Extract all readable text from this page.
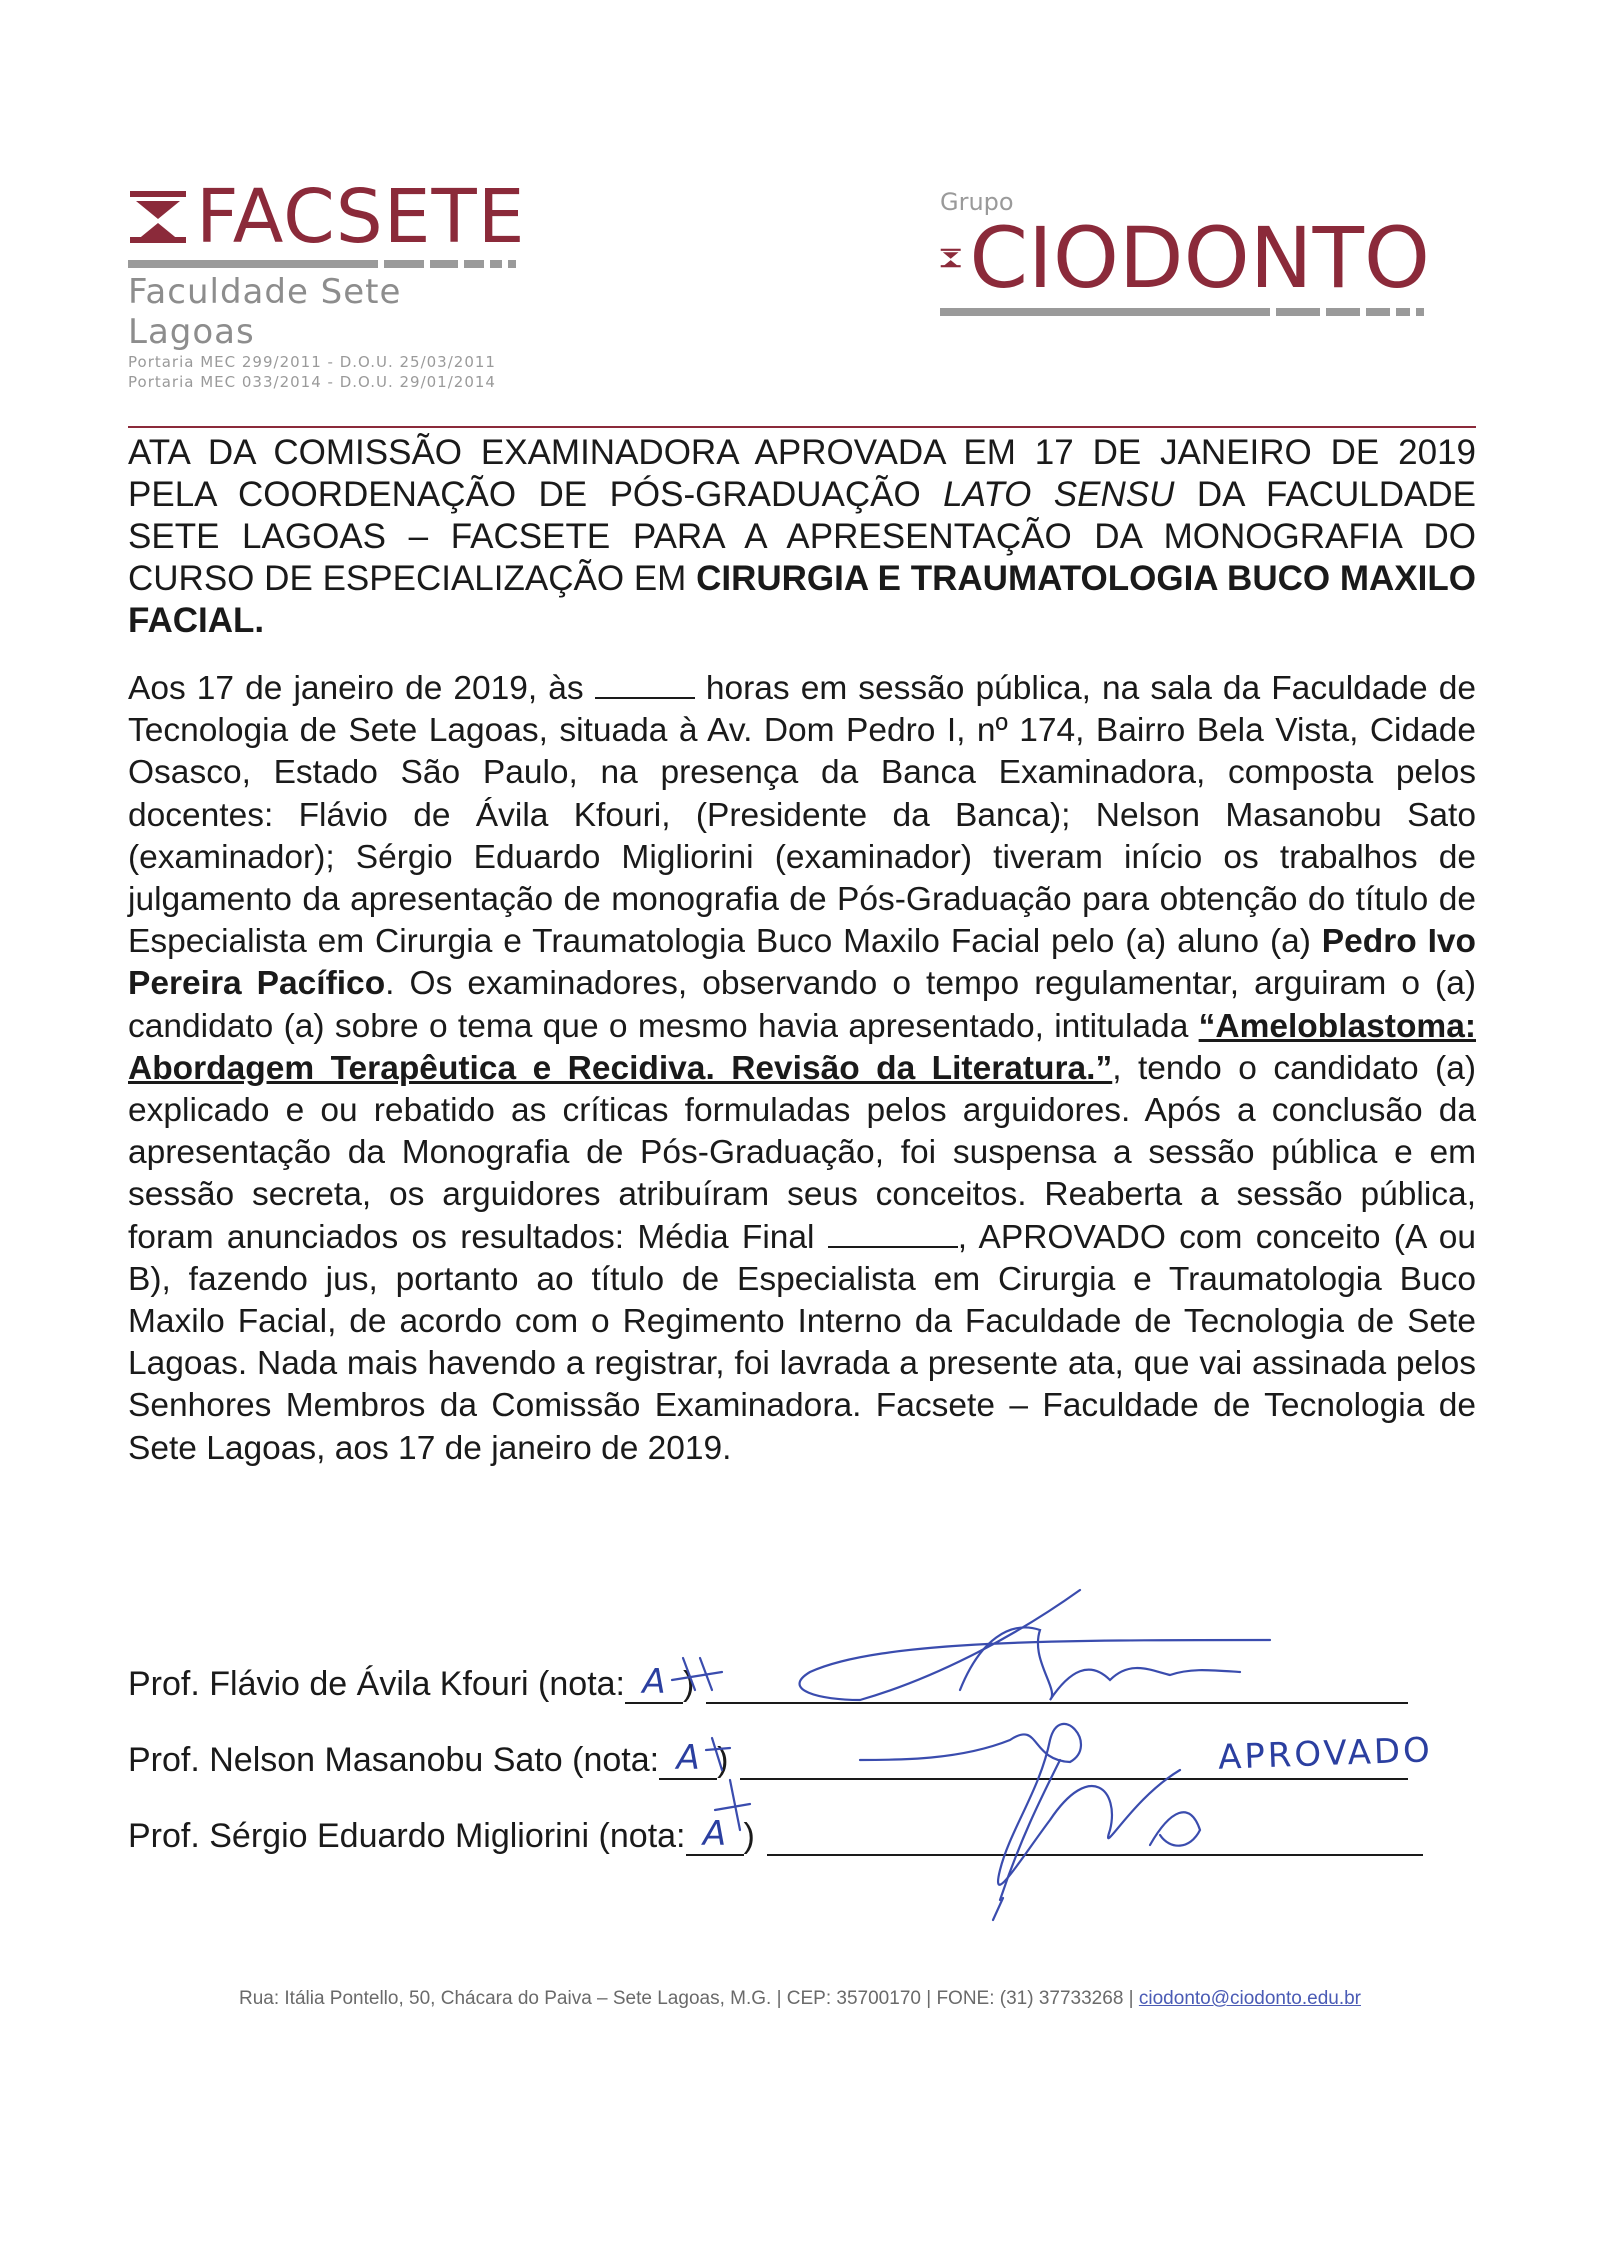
FACSETE
Faculdade Sete Lagoas
Portaria MEC 299/2011 - D.O.U. 25/03/2011
Portaria MEC 033/2014 - D.O.U. 29/01/2014
Grupo
CIODONTO
ATA DA COMISSÃO EXAMINADORA APROVADA EM 17 DE JANEIRO DE 2019 PELA COORDENAÇÃO DE PÓS-GRADUAÇÃO LATO SENSU DA FACULDADE SETE LAGOAS – FACSETE PARA A APRESENTAÇÃO DA MONOGRAFIA DO CURSO DE ESPECIALIZAÇÃO EM CIRURGIA E TRAUMATOLOGIA BUCO MAXILO FACIAL.
Aos 17 de janeiro de 2019, às	horas em sessão pública, na sala da Faculdade de Tecnologia de Sete Lagoas, situada à Av. Dom Pedro I, nº 174, Bairro Bela Vista, Cidade Osasco, Estado São Paulo, na presença da Banca Examinadora, composta pelos docentes: Flávio de Ávila Kfouri, (Presidente da Banca); Nelson Masanobu Sato (examinador); Sérgio Eduardo Migliorini (examinador) tiveram início os trabalhos de julgamento da apresentação de monografia de Pós-Graduação para obtenção do título de Especialista em Cirurgia e Traumatologia Buco Maxilo Facial pelo (a) aluno (a) Pedro Ivo Pereira Pacífico. Os examinadores, observando o tempo regulamentar, arguiram o (a) candidato (a) sobre o tema que o mesmo havia apresentado, intitulada “Ameloblastoma: Abordagem Terapêutica e Recidiva. Revisão da Literatura.”, tendo o candidato (a) explicado e ou rebatido as críticas formuladas pelos arguidores. Após a conclusão da apresentação da Monografia de Pós-Graduação, foi suspensa a sessão pública e em sessão secreta, os arguidores atribuíram seus conceitos. Reaberta a sessão pública, foram anunciados os resultados: Média Final	, APROVADO com conceito (A ou B), fazendo jus, portanto ao título de Especialista em Cirurgia e Traumatologia Buco Maxilo Facial, de acordo com o Regimento Interno da Faculdade de Tecnologia de Sete Lagoas. Nada mais havendo a registrar, foi lavrada a presente ata, que vai assinada pelos Senhores Membros da Comissão Examinadora. Facsete – Faculdade de Tecnologia de Sete Lagoas, aos 17 de janeiro de 2019.
Prof. Flávio de Ávila Kfouri (nota: A )
Prof. Nelson Masanobu Sato (nota: A )
Prof. Sérgio Eduardo Migliorini (nota: A )
APROVADO
Rua: Itália Pontello, 50, Chácara do Paiva – Sete Lagoas, M.G. | CEP: 35700170 | FONE: (31) 37733268 | ciodonto@ciodonto.edu.br
